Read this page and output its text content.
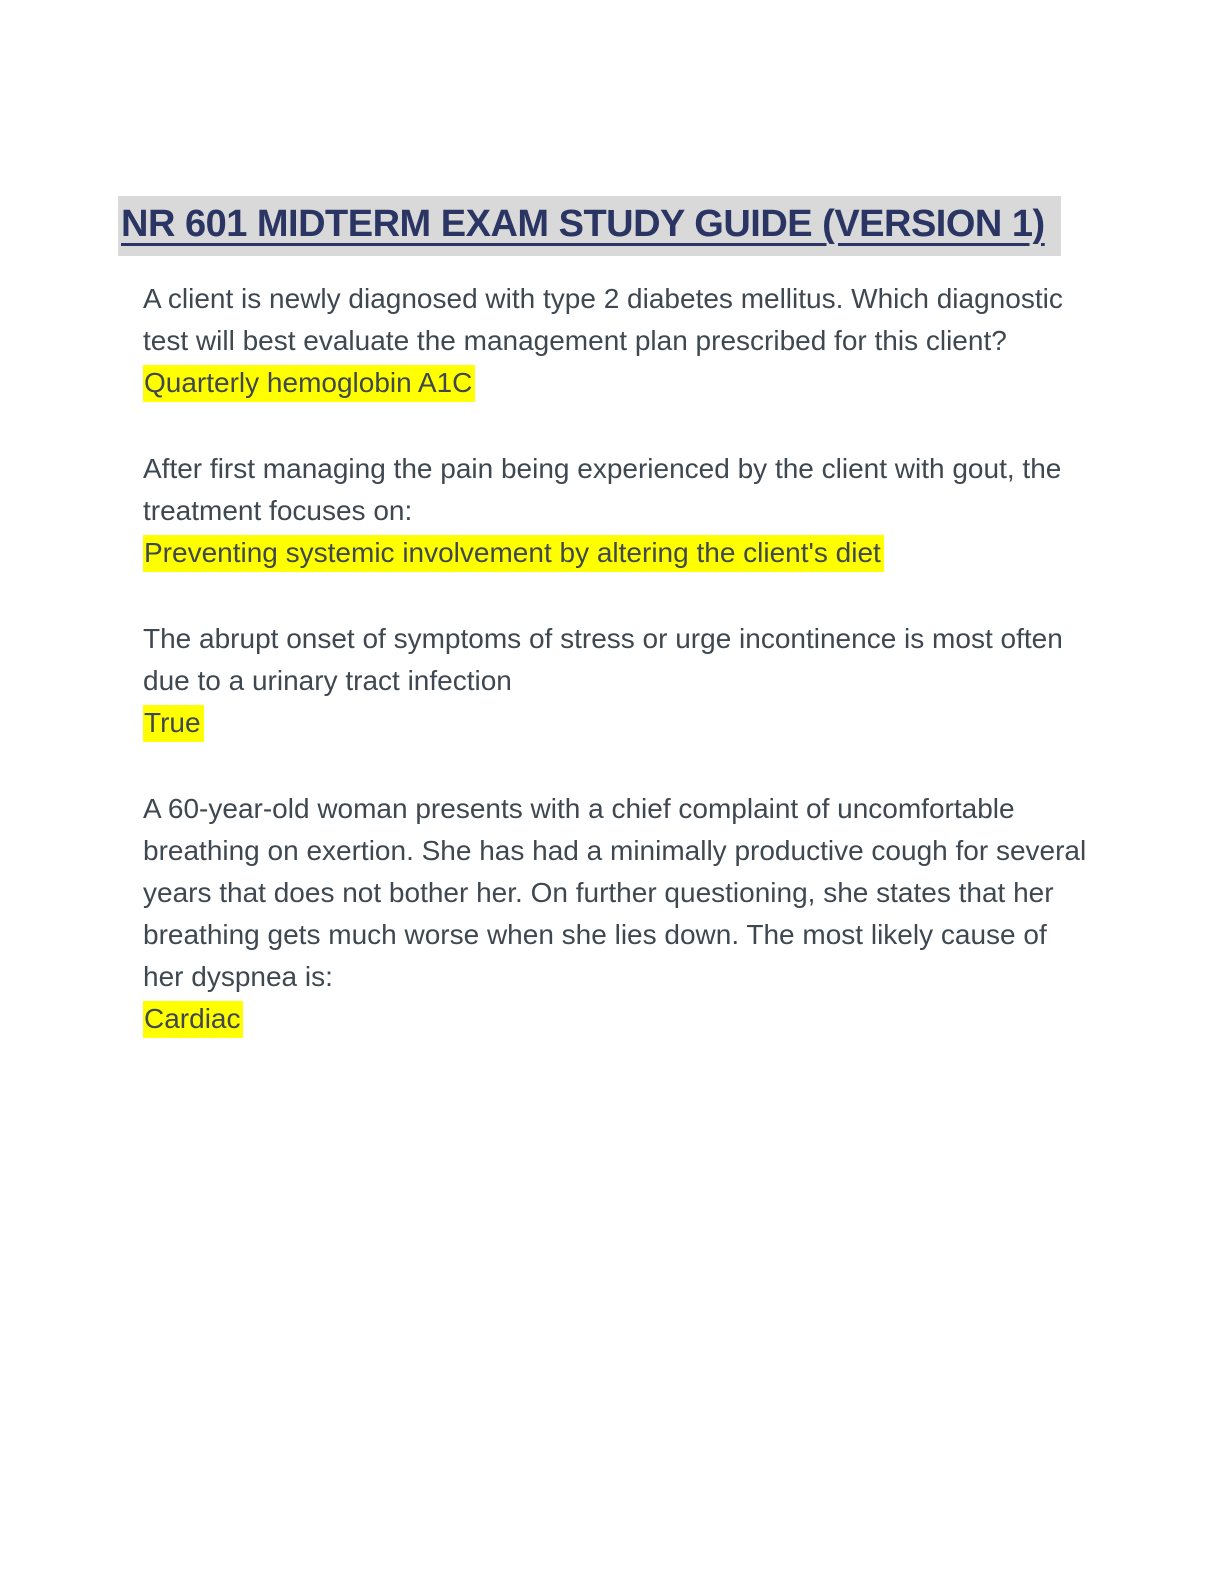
NR 601 MIDTERM EXAM STUDY GUIDE (VERSION 1)

A client is newly diagnosed with type 2 diabetes mellitus. Which diagnostic test will best evaluate the management plan prescribed for this client?

Quarterly hemoglobin A1C

After first managing the pain being experienced by the client with gout, the treatment focuses on:

Preventing systemic involvement by altering the client's diet

The abrupt onset of symptoms of stress or urge incontinence is most often due to a urinary tract infection

True

A 60-year-old woman presents with a chief complaint of uncomfortable breathing on exertion. She has had a minimally productive cough for several years that does not bother her. On further questioning, she states that her breathing gets much worse when she lies down. The most likely cause of her dyspnea is:

Cardiac
